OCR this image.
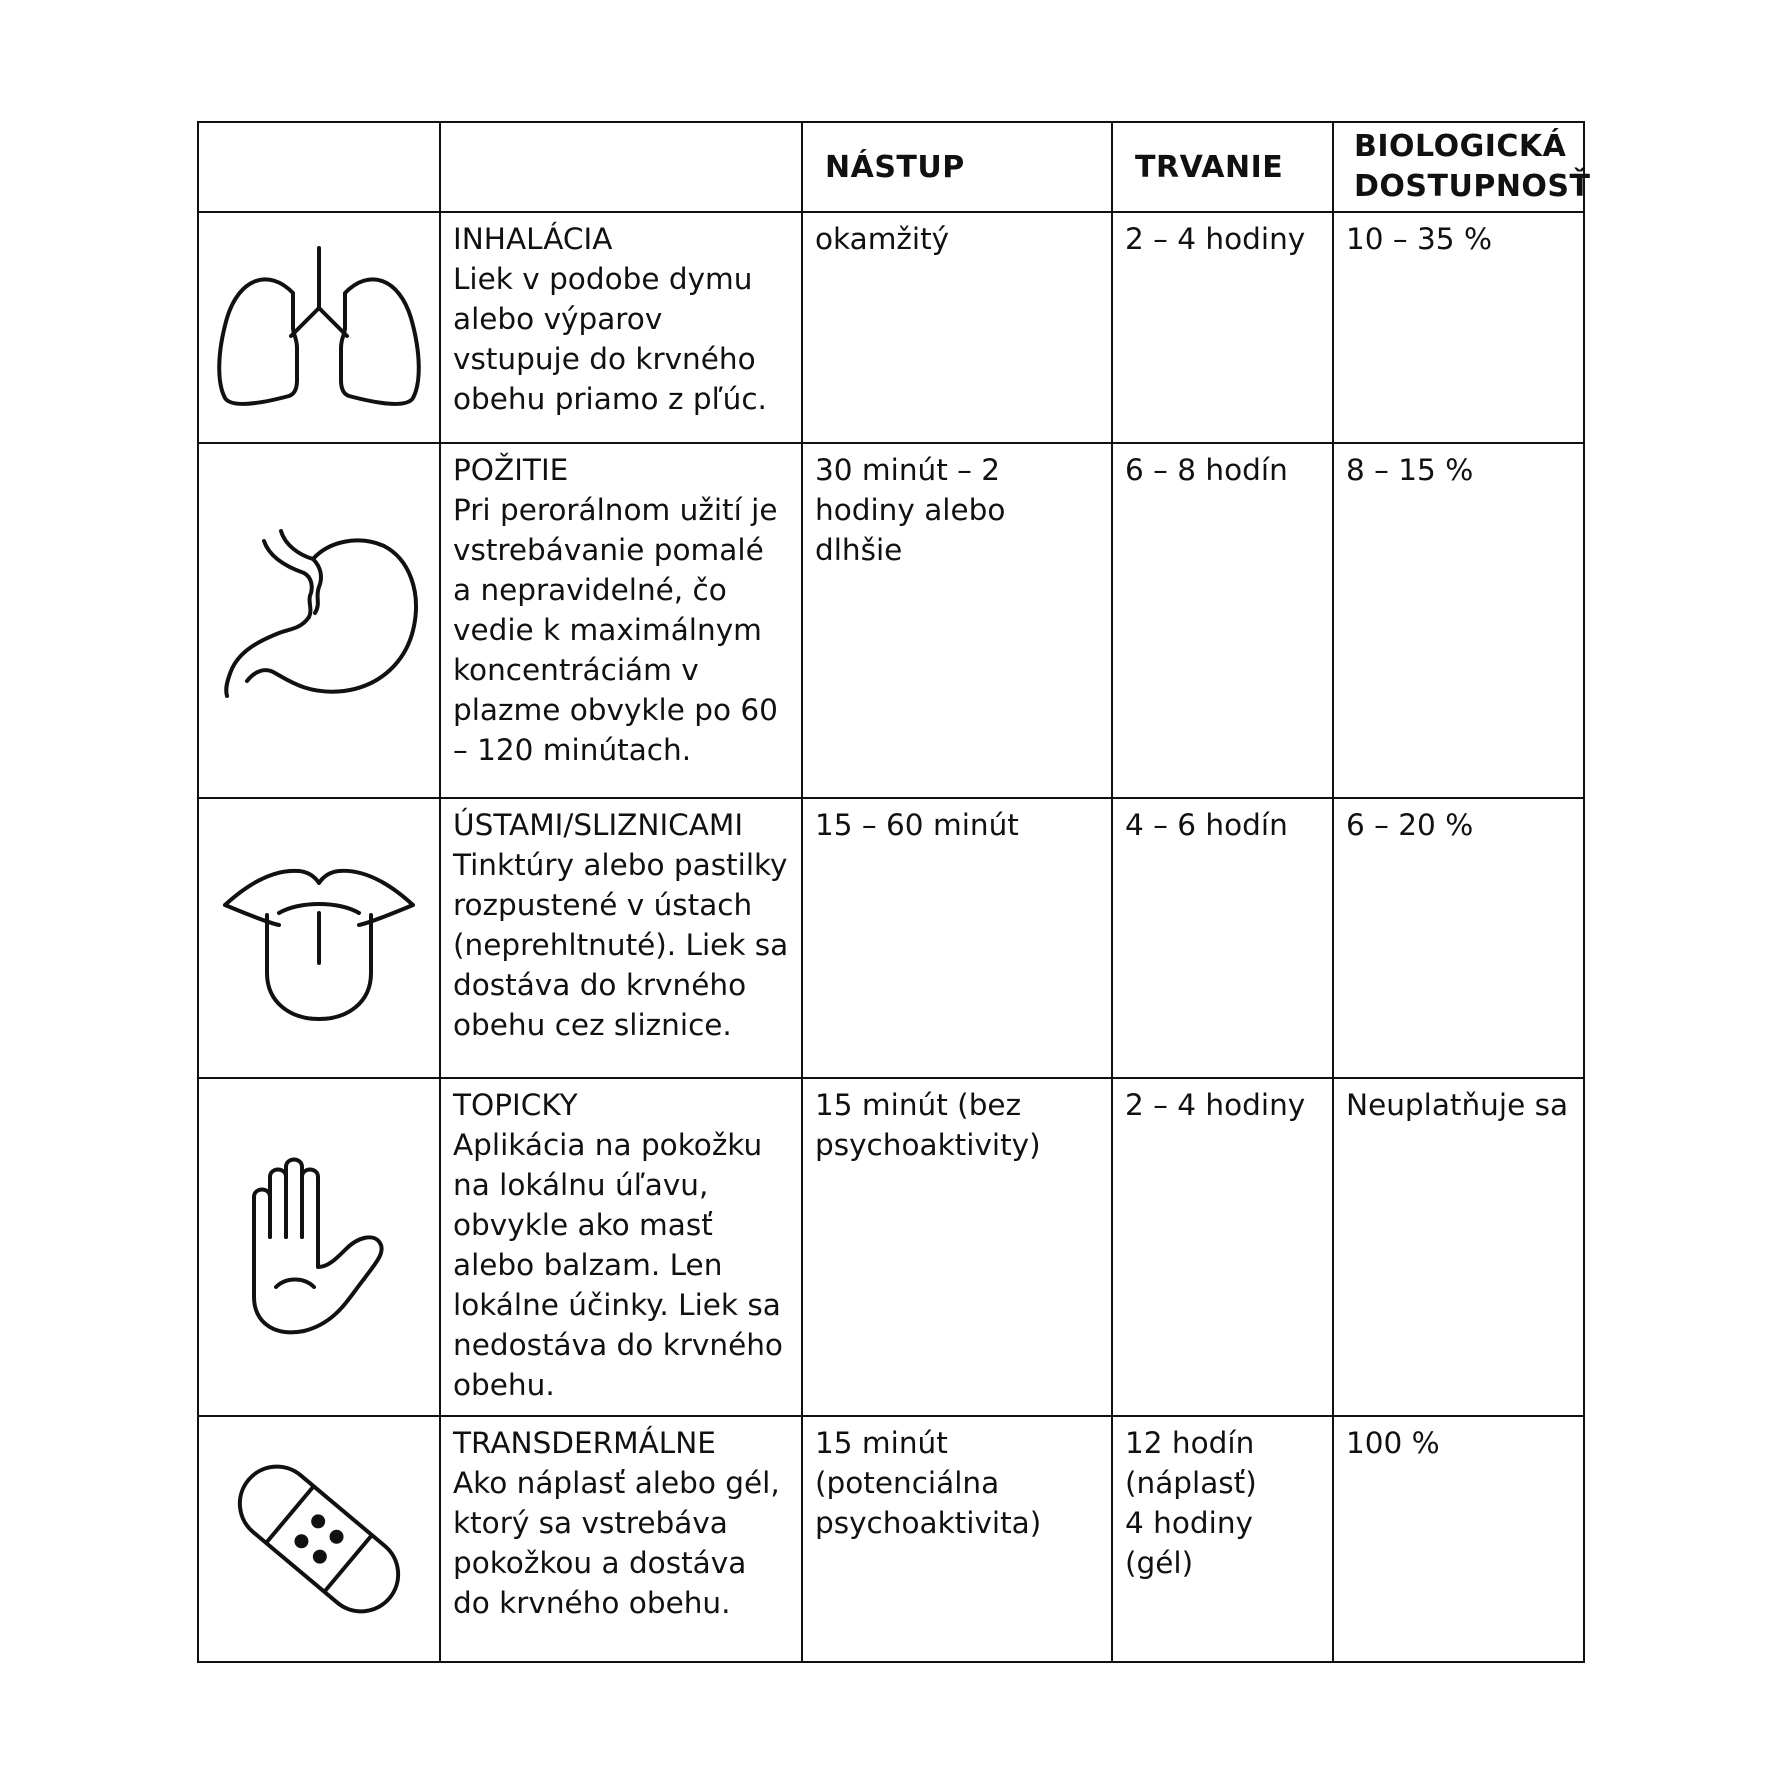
		NÁSTUP	TRVANIE	BIOLOGICKÁ
DOSTUPNOSŤ

INHALÁCIA
Liek v podobe dymu alebo výparov vstupuje do krvného obehu priamo z pľúc.	okamžitý	2 – 4 hodiny	10 – 35 %

POŽITIE
Pri perorálnom užití je vstrebávanie pomalé a nepravidelné, čo vedie k maximálnym koncentráciám v plazme obvykle po 60 – 120 minútach.	30 minút – 2 hodiny alebo dlhšie	6 – 8 hodín	8 – 15 %

ÚSTAMI/SLIZNICAMI
Tinktúry alebo pastilky rozpustené v ústach (neprehltnuté). Liek sa dostáva do krvného obehu cez sliznice.	15 – 60 minút	4 – 6 hodín	6 – 20 %

TOPICKY
Aplikácia na pokožku na lokálnu úľavu, obvykle ako masť alebo balzam. Len lokálne účinky. Liek sa nedostáva do krvného obehu.	15 minút (bez psychoaktivity)	2 – 4 hodiny	Neuplatňuje sa

TRANSDERMÁLNE
Ako náplasť alebo gél, ktorý sa vstrebáva pokožkou a dostáva do krvného obehu.	15 minút (potenciálna psychoaktivita)	12 hodín (náplasť)
4 hodiny (gél)	100 %
